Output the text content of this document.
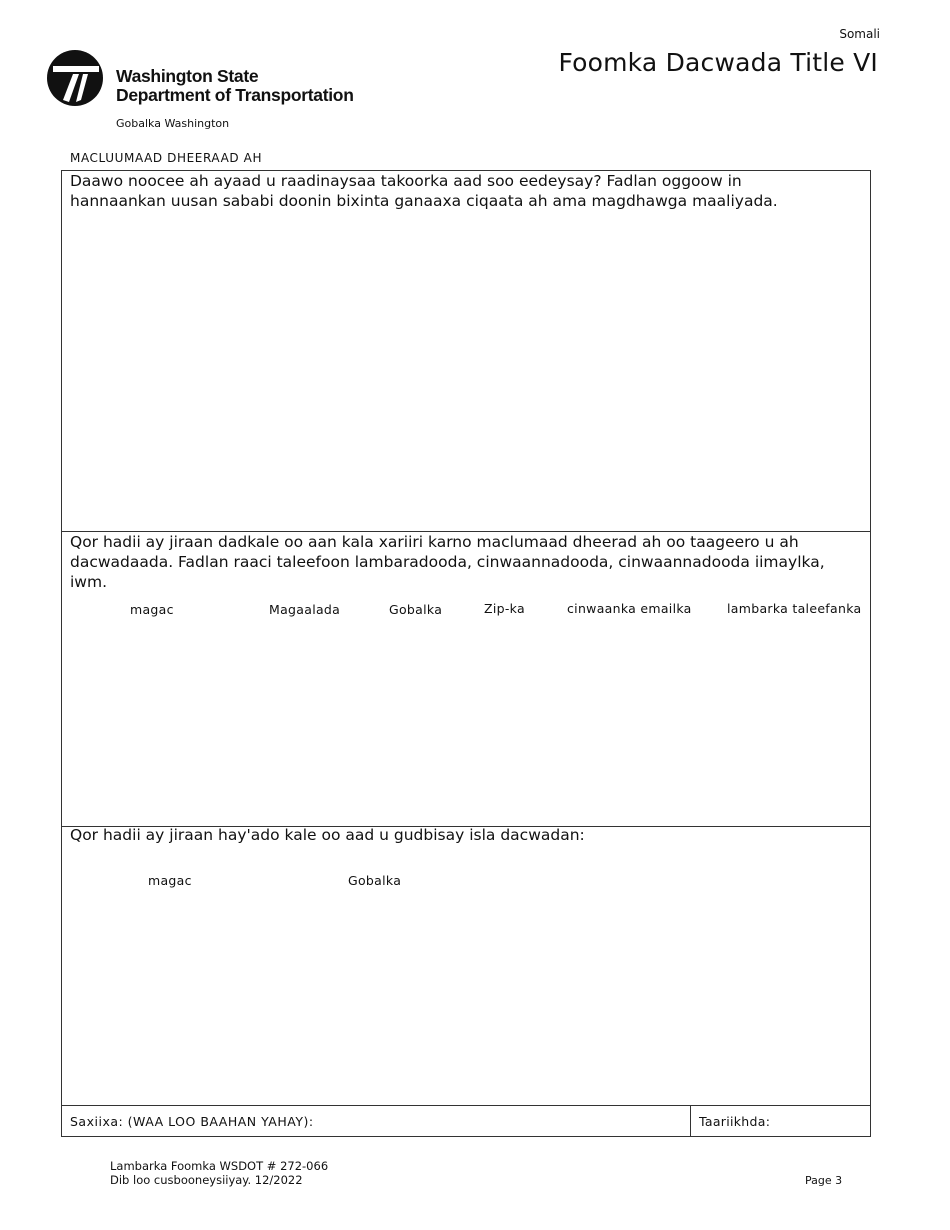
Somali
Foomka Dacwada Title VI
Washington State
Department of Transportation
Gobalka Washington
MACLUUMAAD DHEERAAD AH
Daawo noocee ah ayaad u raadinaysaa takoorka aad soo eedeysay? Fadlan oggoow in hannaankan uusan sababi doonin bixinta ganaaxa ciqaata ah ama magdhawga maaliyada.
Qor hadii ay jiraan dadkale oo aan kala xariiri karno maclumaad dheerad ah oo taageero u ah dacwadaada. Fadlan raaci taleefoon lambaradooda, cinwaannadooda, cinwaannadooda iimaylka, iwm.
magac	Magaalada	Gobalka	Zip-ka	cinwaanka emailka	lambarka taleefanka
Qor hadii ay jiraan hay'ado kale oo aad u gudbisay isla dacwadan:
magac	Gobalka
Saxiixa: (WAA LOO BAAHAN YAHAY):	Taariikhda:
Lambarka Foomka WSDOT # 272-066
Dib loo cusbooneysiiyay. 12/2022	Page 3
